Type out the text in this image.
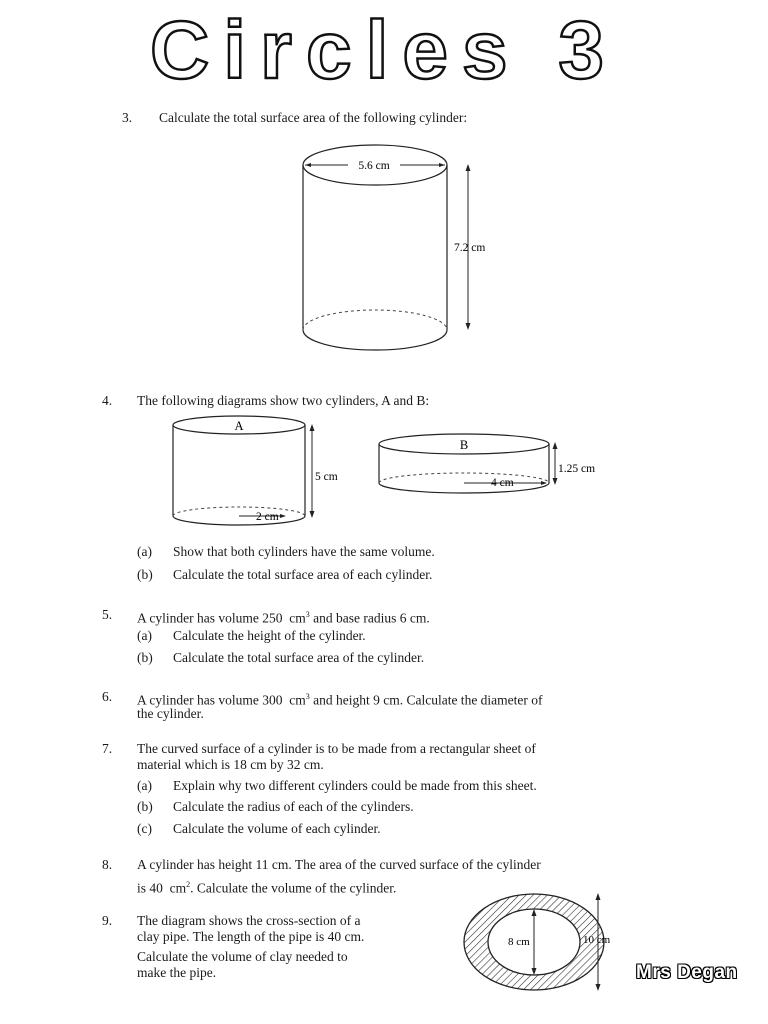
Circles 3
3.	Calculate the total surface area of the following cylinder:
5.6 cm
7.2 cm
4.	The following diagrams show two cylinders, A and B:
A
2 cm
5 cm
B
4 cm
1.25 cm
(a) Show that both cylinders have the same volume.
(b) Calculate the total surface area of each cylinder.
5.	A cylinder has volume 250 $cm^3$ and base radius 6 cm.
(a) Calculate the height of the cylinder.
(b) Calculate the total surface area of the cylinder.
6.	A cylinder has volume 300 $cm^3$ and height 9 cm. Calculate the diameter of
the cylinder.
7.	The curved surface of a cylinder is to be made from a rectangular sheet of
material which is 18 cm by 32 cm.
(a) Explain why two different cylinders could be made from this sheet.
(b) Calculate the radius of each of the cylinders.
(c) Calculate the volume of each cylinder.
8.	A cylinder has height 11 cm. The area of the curved surface of the cylinder
is 40 $cm^2$. Calculate the volume of the cylinder.
9.	The diagram shows the cross-section of a
clay pipe. The length of the pipe is 40 cm.
Calculate the volume of clay needed to
make the pipe.
8 cm	10 cm
Mrs Degan
